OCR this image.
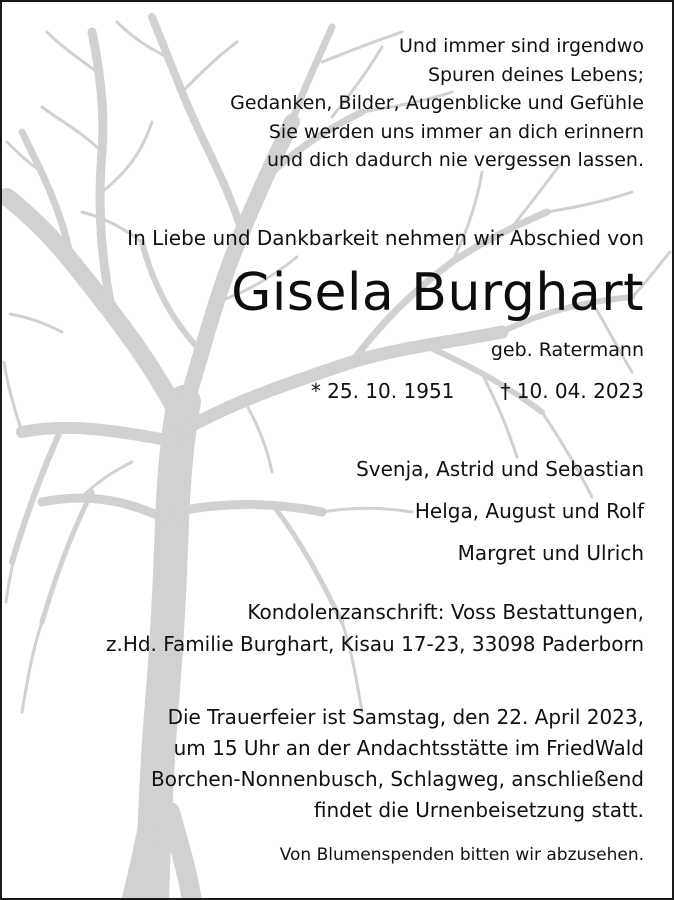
Und immer sind irgendwo
Spuren deines Lebens;
Gedanken, Bilder, Augenblicke und Gefühle
Sie werden uns immer an dich erinnern
und dich dadurch nie vergessen lassen.
In Liebe und Dankbarkeit nehmen wir Abschied von
Gisela Burghart
geb. Ratermann
* 25. 10. 1951 † 10. 04. 2023
Svenja, Astrid und Sebastian
Helga, August und Rolf
Margret und Ulrich
Kondolenzanschrift: Voss Bestattungen,
z.Hd. Familie Burghart, Kisau 17-23, 33098 Paderborn
Die Trauerfeier ist Samstag, den 22. April 2023,
um 15 Uhr an der Andachtsstätte im FriedWald
Borchen-Nonnenbusch, Schlagweg, anschließend
findet die Urnenbeisetzung statt.
Von Blumenspenden bitten wir abzusehen.
